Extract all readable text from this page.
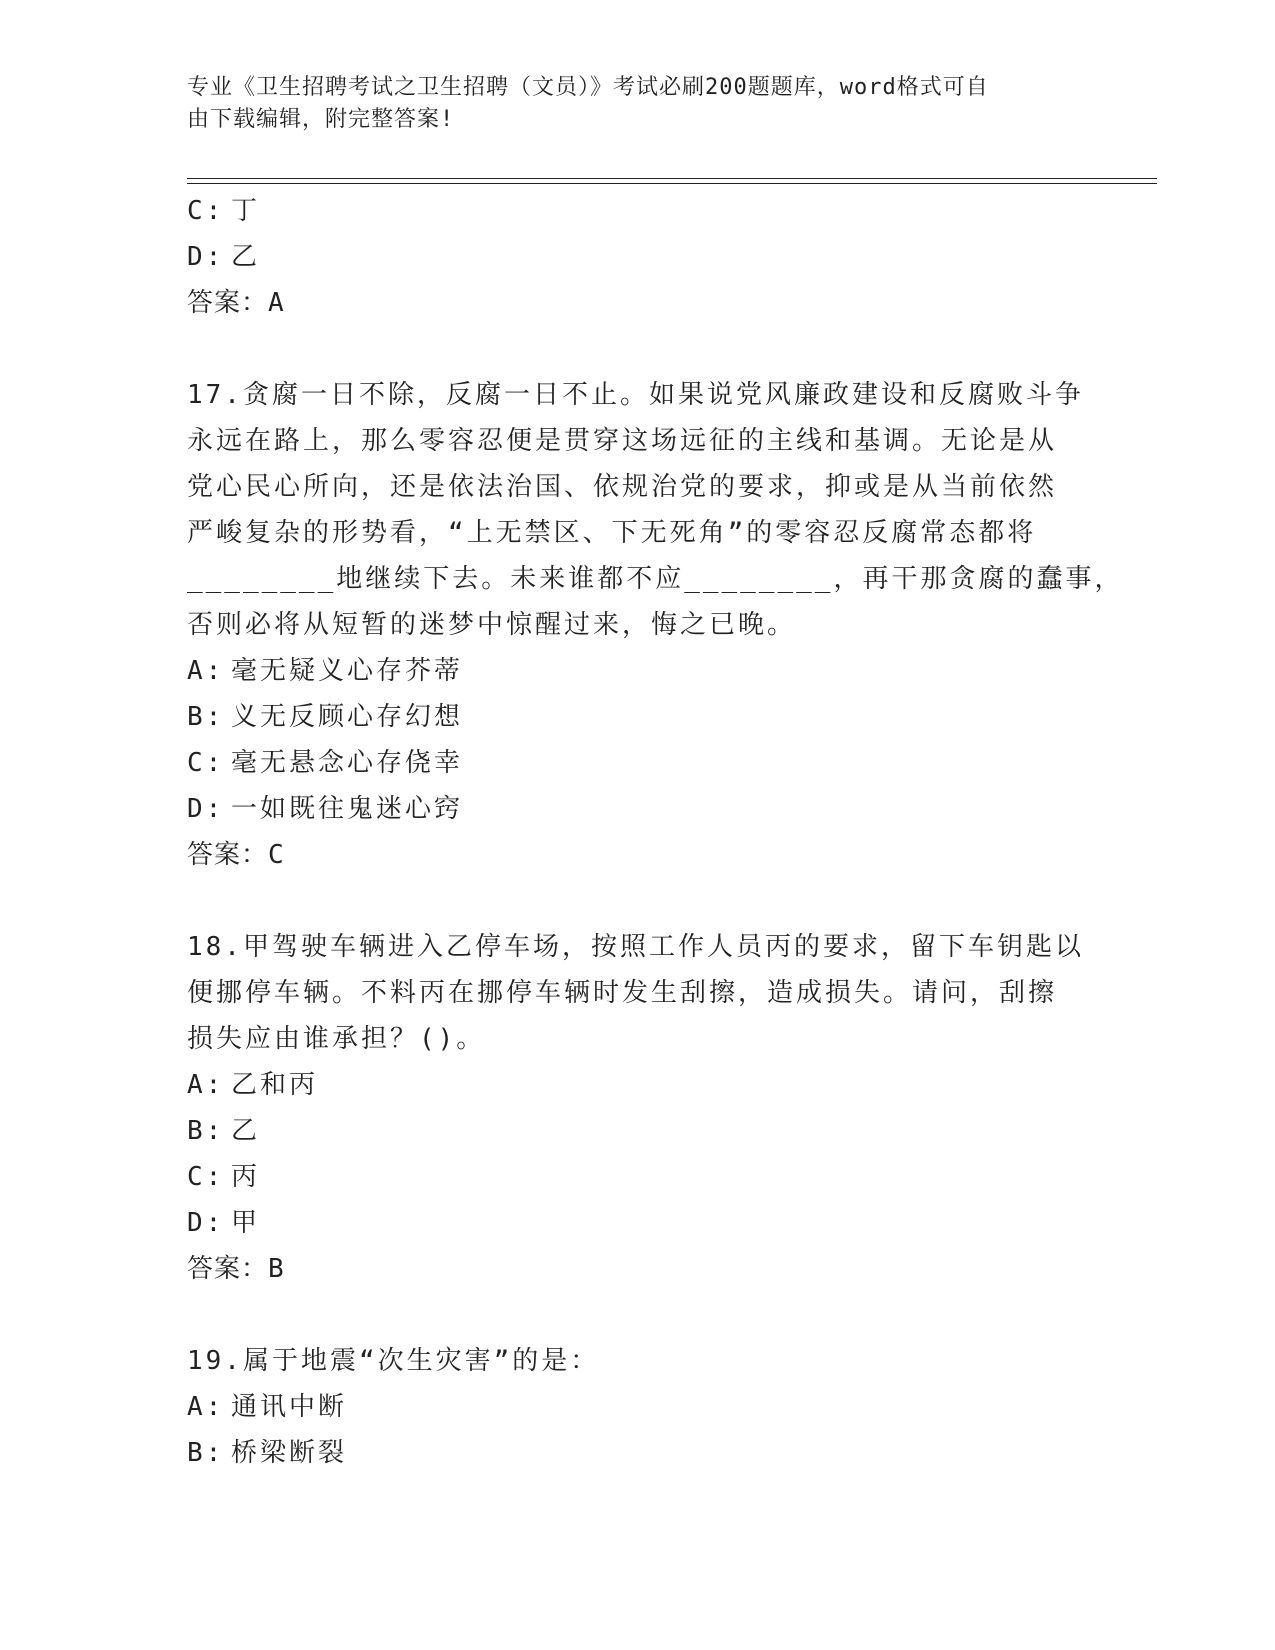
专业《卫生招聘考试之卫生招聘（文员）》考试必刷200题题库，word格式可自
由下载编辑，附完整答案!
C: 丁
D: 乙
答案：A
17.贪腐一日不除，反腐一日不止。如果说党风廉政建设和反腐败斗争
永远在路上，那么零容忍便是贯穿这场远征的主线和基调。无论是从
党心民心所向，还是依法治国、依规治党的要求，抑或是从当前依然
严峻复杂的形势看，“上无禁区、下无死角”的零容忍反腐常态都将
________地继续下去。未来谁都不应________，再干那贪腐的蠢事，
否则必将从短暂的迷梦中惊醒过来，悔之已晚。
A: 毫无疑义心存芥蒂
B: 义无反顾心存幻想
C: 毫无悬念心存侥幸
D: 一如既往鬼迷心窍
答案：C
18.甲驾驶车辆进入乙停车场，按照工作人员丙的要求，留下车钥匙以
便挪停车辆。不料丙在挪停车辆时发生刮擦，造成损失。请问，刮擦
损失应由谁承担？()。
A: 乙和丙
B: 乙
C: 丙
D: 甲
答案：B
19.属于地震“次生灾害”的是：
A: 通讯中断
B: 桥梁断裂
